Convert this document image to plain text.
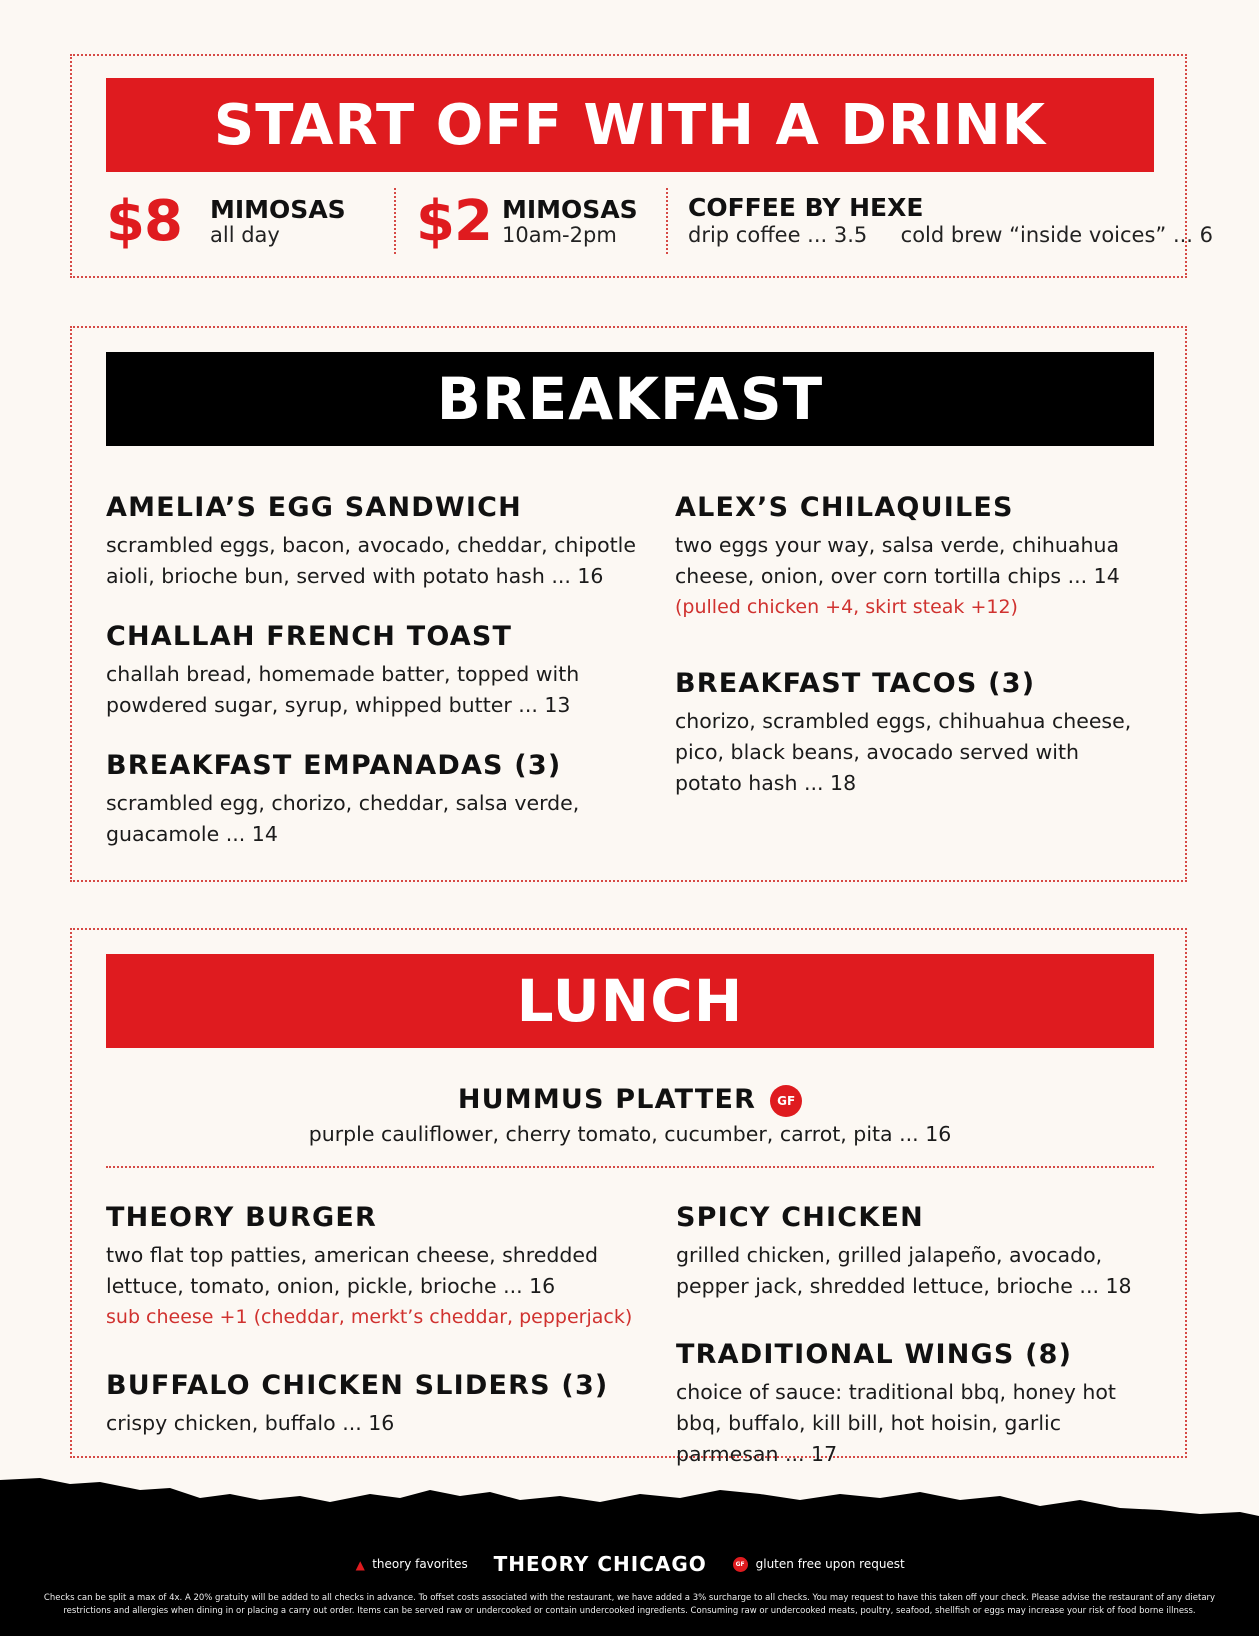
START OFF WITH A DRINK
$8 MIMOSAS
all day $2 MIMOSAS
10am-2pm
COFFEE BY HEXE
drip coffee ... 3.5     cold brew “inside voices” ... 6
BREAKFAST
AMELIA’S EGG SANDWICH
scrambled eggs, bacon, avocado, cheddar, chipotle aioli, brioche bun, served with potato hash ... 16
CHALLAH FRENCH TOAST
challah bread, homemade batter, topped with powdered sugar, syrup, whipped butter ... 13
BREAKFAST EMPANADAS (3)
scrambled egg, chorizo, cheddar, salsa verde, guacamole ... 14
ALEX’S CHILAQUILES
two eggs your way, salsa verde, chihuahua cheese, onion, over corn tortilla chips ... 14
(pulled chicken +4, skirt steak +12)
BREAKFAST TACOS (3)
chorizo, scrambled eggs, chihuahua cheese, pico, black beans, avocado served with potato hash ... 18
LUNCH
HUMMUS PLATTER GF
purple cauliflower, cherry tomato, cucumber, carrot, pita ... 16
THEORY BURGER
two flat top patties, american cheese, shredded lettuce, tomato, onion, pickle, brioche ... 16
sub cheese +1 (cheddar, merkt’s cheddar, pepperjack)
BUFFALO CHICKEN SLIDERS (3)
crispy chicken, buffalo ... 16
SPICY CHICKEN
grilled chicken, grilled jalapeño, avocado, pepper jack, shredded lettuce, brioche ... 18
TRADITIONAL WINGS (8)
choice of sauce: traditional bbq, honey hot bbq, buffalo, kill bill, hot hoisin, garlic parmesan ... 17
▲ theory favorites THEORY CHICAGO	GF gluten free upon request
Checks can be split a max of 4x. A 20% gratuity will be added to all checks in advance. To offset costs associated with the restaurant, we have added a 3% surcharge to all checks. You may request to have this taken off your check. Please advise the restaurant of any dietary restrictions and allergies when dining in or placing a carry out order. Items can be served raw or undercooked or contain undercooked ingredients. Consuming raw or undercooked meats, poultry, seafood, shellfish or eggs may increase your risk of food borne illness.
